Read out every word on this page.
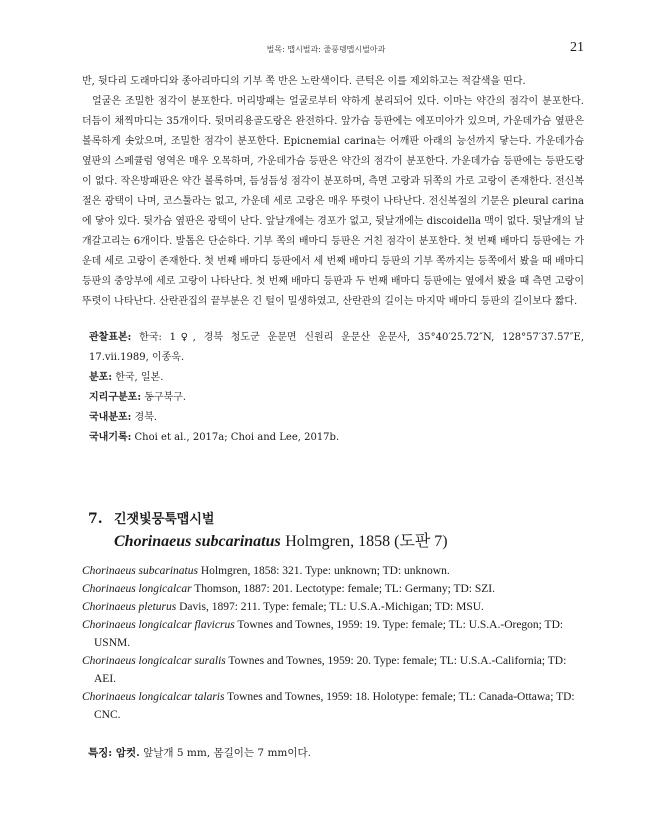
벌목: 맵시벌과: 줄풍뎅맵시벌아과	21

반, 뒷다리 도래마디와 종아리마디의 기부 쪽 반은 노란색이다. 큰턱은 이를 제외하고는 적갈색을 띤다.

얼굴은 조밀한 점각이 분포한다. 머리방패는 얼굴로부터 약하게 분리되어 있다. 이마는 약간의 점각이 분포한다. 더듬이 채찍마디는 35개이다. 뒷머리용골도랑은 완전하다. 앞가슴 등판에는 에포미아가 있으며, 가운데가슴 옆판은 볼록하게 솟았으며, 조밀한 점각이 분포한다. Epicnemial carina는 어깨판 아래의 능선까지 닿는다. 가운데가슴 옆판의 스페큘럼 영역은 매우 오목하며, 가운데가슴 등판은 약간의 점각이 분포한다. 가운데가슴 등판에는 등판도랑이 없다. 작은방패판은 약간 볼록하며, 듬성듬성 점각이 분포하며, 측면 고랑과 뒤쪽의 가로 고랑이 존재한다. 전신복절은 광택이 나며, 코스툴라는 없고, 가운데 세로 고랑은 매우 뚜렷이 나타난다. 전신복절의 기문은 pleural carina에 닿아 있다. 뒷가슴 옆판은 광택이 난다. 앞날개에는 경포가 없고, 뒷날개에는 discoidella 맥이 없다. 뒷날개의 날개갈고리는 6개이다. 발톱은 단순하다. 기부 쪽의 배마디 등판은 거친 점각이 분포한다. 첫 번째 배마디 등판에는 가운데 세로 고랑이 존재한다. 첫 번째 배마디 등판에서 세 번째 배마디 등판의 기부 쪽까지는 등쪽에서 봤을 때 배마디 등판의 중앙부에 세로 고랑이 나타난다. 첫 번째 배마디 등판과 두 번째 배마디 등판에는 옆에서 봤을 때 측면 고랑이 뚜렷이 나타난다. 산란관집의 끝부분은 긴 털이 밀생하였고, 산란관의 길이는 마지막 배마디 등판의 길이보다 짧다.

관찰표본: 한국: 1♀, 경북 청도군 운문면 신원리 운문산 운문사, 35°40′25.72″N, 128°57′37.57″E, 17.vii.1989, 이종욱.

분포: 한국, 일본.

지리구분포: 동구북구.

국내분포: 경북.

국내기록: Choi et al., 2017a; Choi and Lee, 2017b.

7. 긴잿빛뭉툭맵시벌
Chorinaeus subcarinatus Holmgren, 1858 (도판 7)

Chorinaeus subcarinatus Holmgren, 1858: 321. Type: unknown; TD: unknown.

Chorinaeus longicalcar Thomson, 1887: 201. Lectotype: female; TL: Germany; TD: SZI.

Chorinaeus pleturus Davis, 1897: 211. Type: female; TL: U.S.A.-Michigan; TD: MSU.

Chorinaeus longicalcar flavicrus Townes and Townes, 1959: 19. Type: female; TL: U.S.A.-Oregon; TD: USNM.

Chorinaeus longicalcar suralis Townes and Townes, 1959: 20. Type: female; TL: U.S.A.-California; TD: AEI.

Chorinaeus longicalcar talaris Townes and Townes, 1959: 18. Holotype: female; TL: Canada-Ottawa; TD: CNC.

특징: 암컷. 앞날개 5 mm, 몸길이는 7 mm이다.
